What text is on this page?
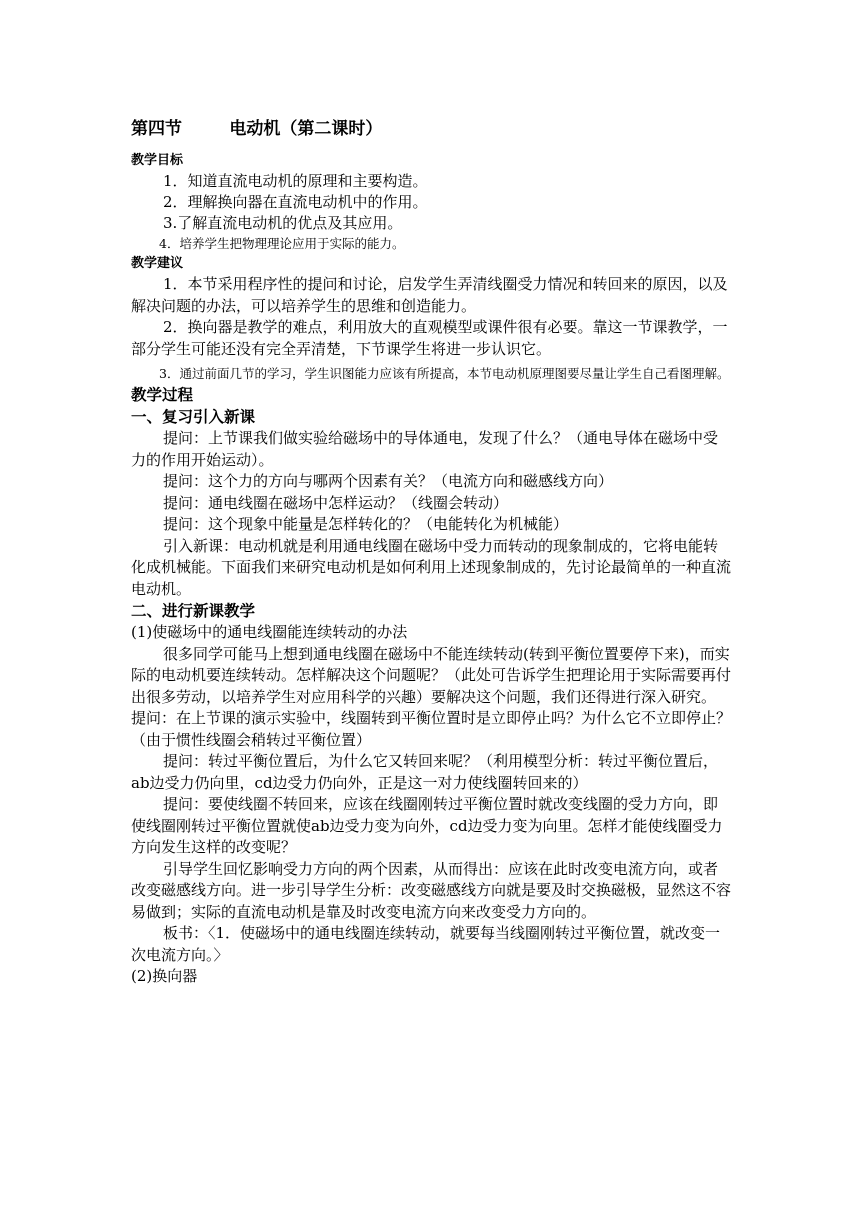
第四节        电动机（第二课时）
教学目标

1．知道直流电动机的原理和主要构造。

2．理解换向器在直流电动机中的作用。

3.了解直流电动机的优点及其应用。

4．培养学生把物理理论应用于实际的能力。

教学建议

1．本节采用程序性的提问和讨论，启发学生弄清线圈受力情况和转回来的原因，以及解决问题的办法，可以培养学生的思维和创造能力。

2．换向器是教学的难点，利用放大的直观模型或课件很有必要。靠这一节课教学，一部分学生可能还没有完全弄清楚，下节课学生将进一步认识它。

3．通过前面几节的学习，学生识图能力应该有所提高，本节电动机原理图要尽量让学生自己看图理解。

教学过程
一、复习引入新课

提问：上节课我们做实验给磁场中的导体通电，发现了什么？（通电导体在磁场中受力的作用开始运动）。

提问：这个力的方向与哪两个因素有关？（电流方向和磁感线方向）

提问：通电线圈在磁场中怎样运动？（线圈会转动）

提问：这个现象中能量是怎样转化的？（电能转化为机械能）

引入新课：电动机就是利用通电线圈在磁场中受力而转动的现象制成的，它将电能转化成机械能。下面我们来研究电动机是如何利用上述现象制成的，先讨论最简单的一种直流电动机。

二、进行新课教学

(1)使磁场中的通电线圈能连续转动的办法

很多同学可能马上想到通电线圈在磁场中不能连续转动(转到平衡位置要停下来)，而实际的电动机要连续转动。怎样解决这个问题呢？（此处可告诉学生把理论用于实际需要再付出很多劳动，以培养学生对应用科学的兴趣）要解决这个问题，我们还得进行深入研究。

提问：在上节课的演示实验中，线圈转到平衡位置时是立即停止吗？为什么它不立即停止？（由于惯性线圈会稍转过平衡位置）

提问：转过平衡位置后，为什么它又转回来呢？（利用模型分析：转过平衡位置后，ab边受力仍向里，cd边受力仍向外，正是这一对力使线圈转回来的）

提问：要使线圈不转回来，应该在线圈刚转过平衡位置时就改变线圈的受力方向，即使线圈刚转过平衡位置就使ab边受力变为向外，cd边受力变为向里。怎样才能使线圈受力方向发生这样的改变呢？

引导学生回忆影响受力方向的两个因素，从而得出：应该在此时改变电流方向，或者改变磁感线方向。进一步引导学生分析：改变磁感线方向就是要及时交换磁极，显然这不容易做到；实际的直流电动机是靠及时改变电流方向来改变受力方向的。

板书：〈1．使磁场中的通电线圈连续转动，就要每当线圈刚转过平衡位置，就改变一次电流方向。〉

(2)换向器
